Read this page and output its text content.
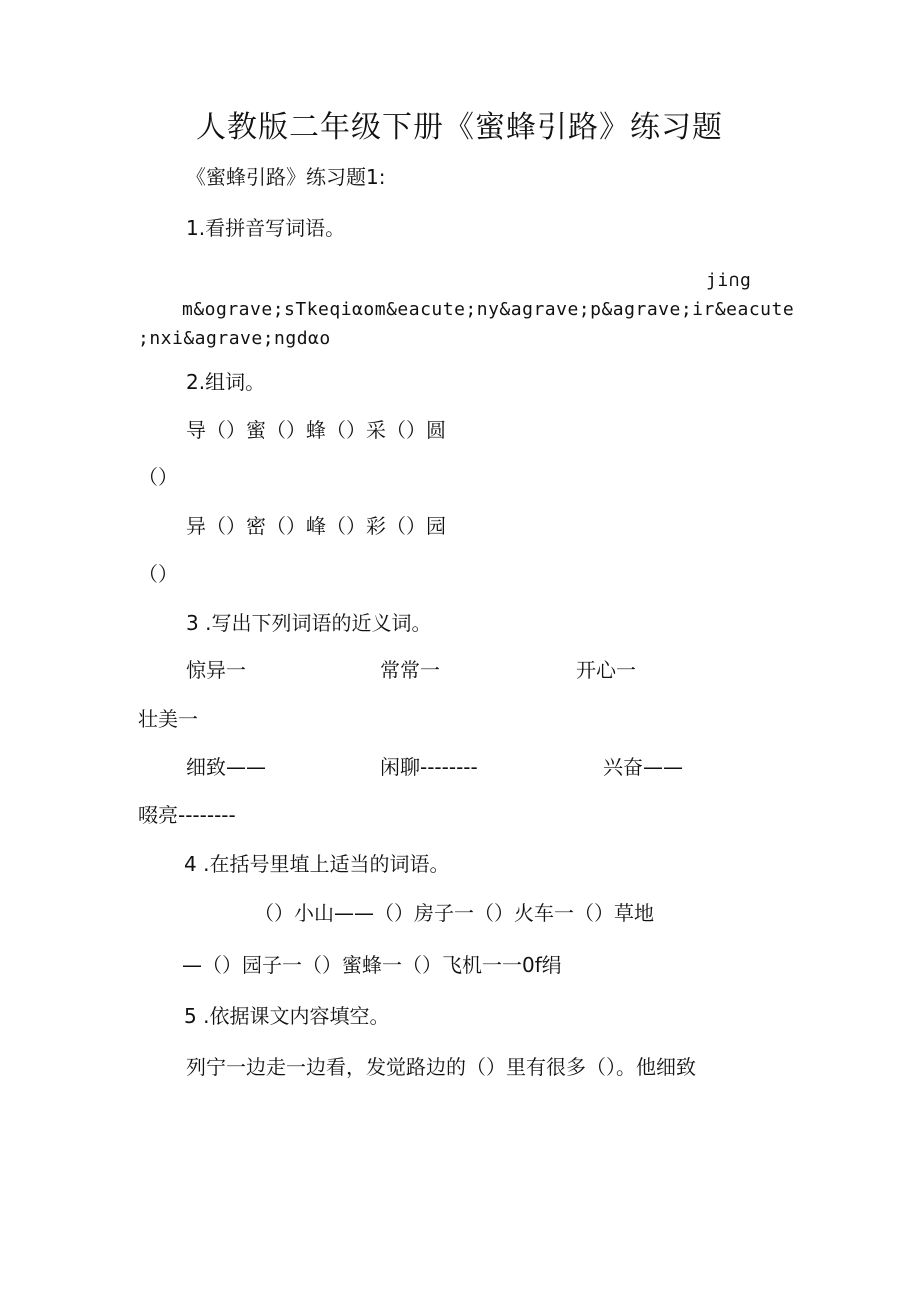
人教版二年级下册《蜜蜂引路》练习题
《蜜蜂引路》练习题1:
1.看拼音写词语。
ji∩g
m&ograve;sTkeqiαom&eacute;ny&agrave;p&agrave;ir&eacute
;nxi&agrave;ngdαo
2.组词。
导（）蜜（）蜂（）采（）圆
（）
异（）密（）峰（）彩（）园
（）
3 .写出下列词语的近义词。
惊异一	常常一	开心一
壮美一
细致——	闲聊--------	兴奋——
啜亮--------
4 .在括号里埴上适当的词语。
（）小山——（）房子一（）火车一（）草地
—（）园子一（）蜜蜂一（）飞机一一0f绢
5 .依据课文内容填空。
列宁一边走一边看，发觉路边的（）里有很多（）。他细致
